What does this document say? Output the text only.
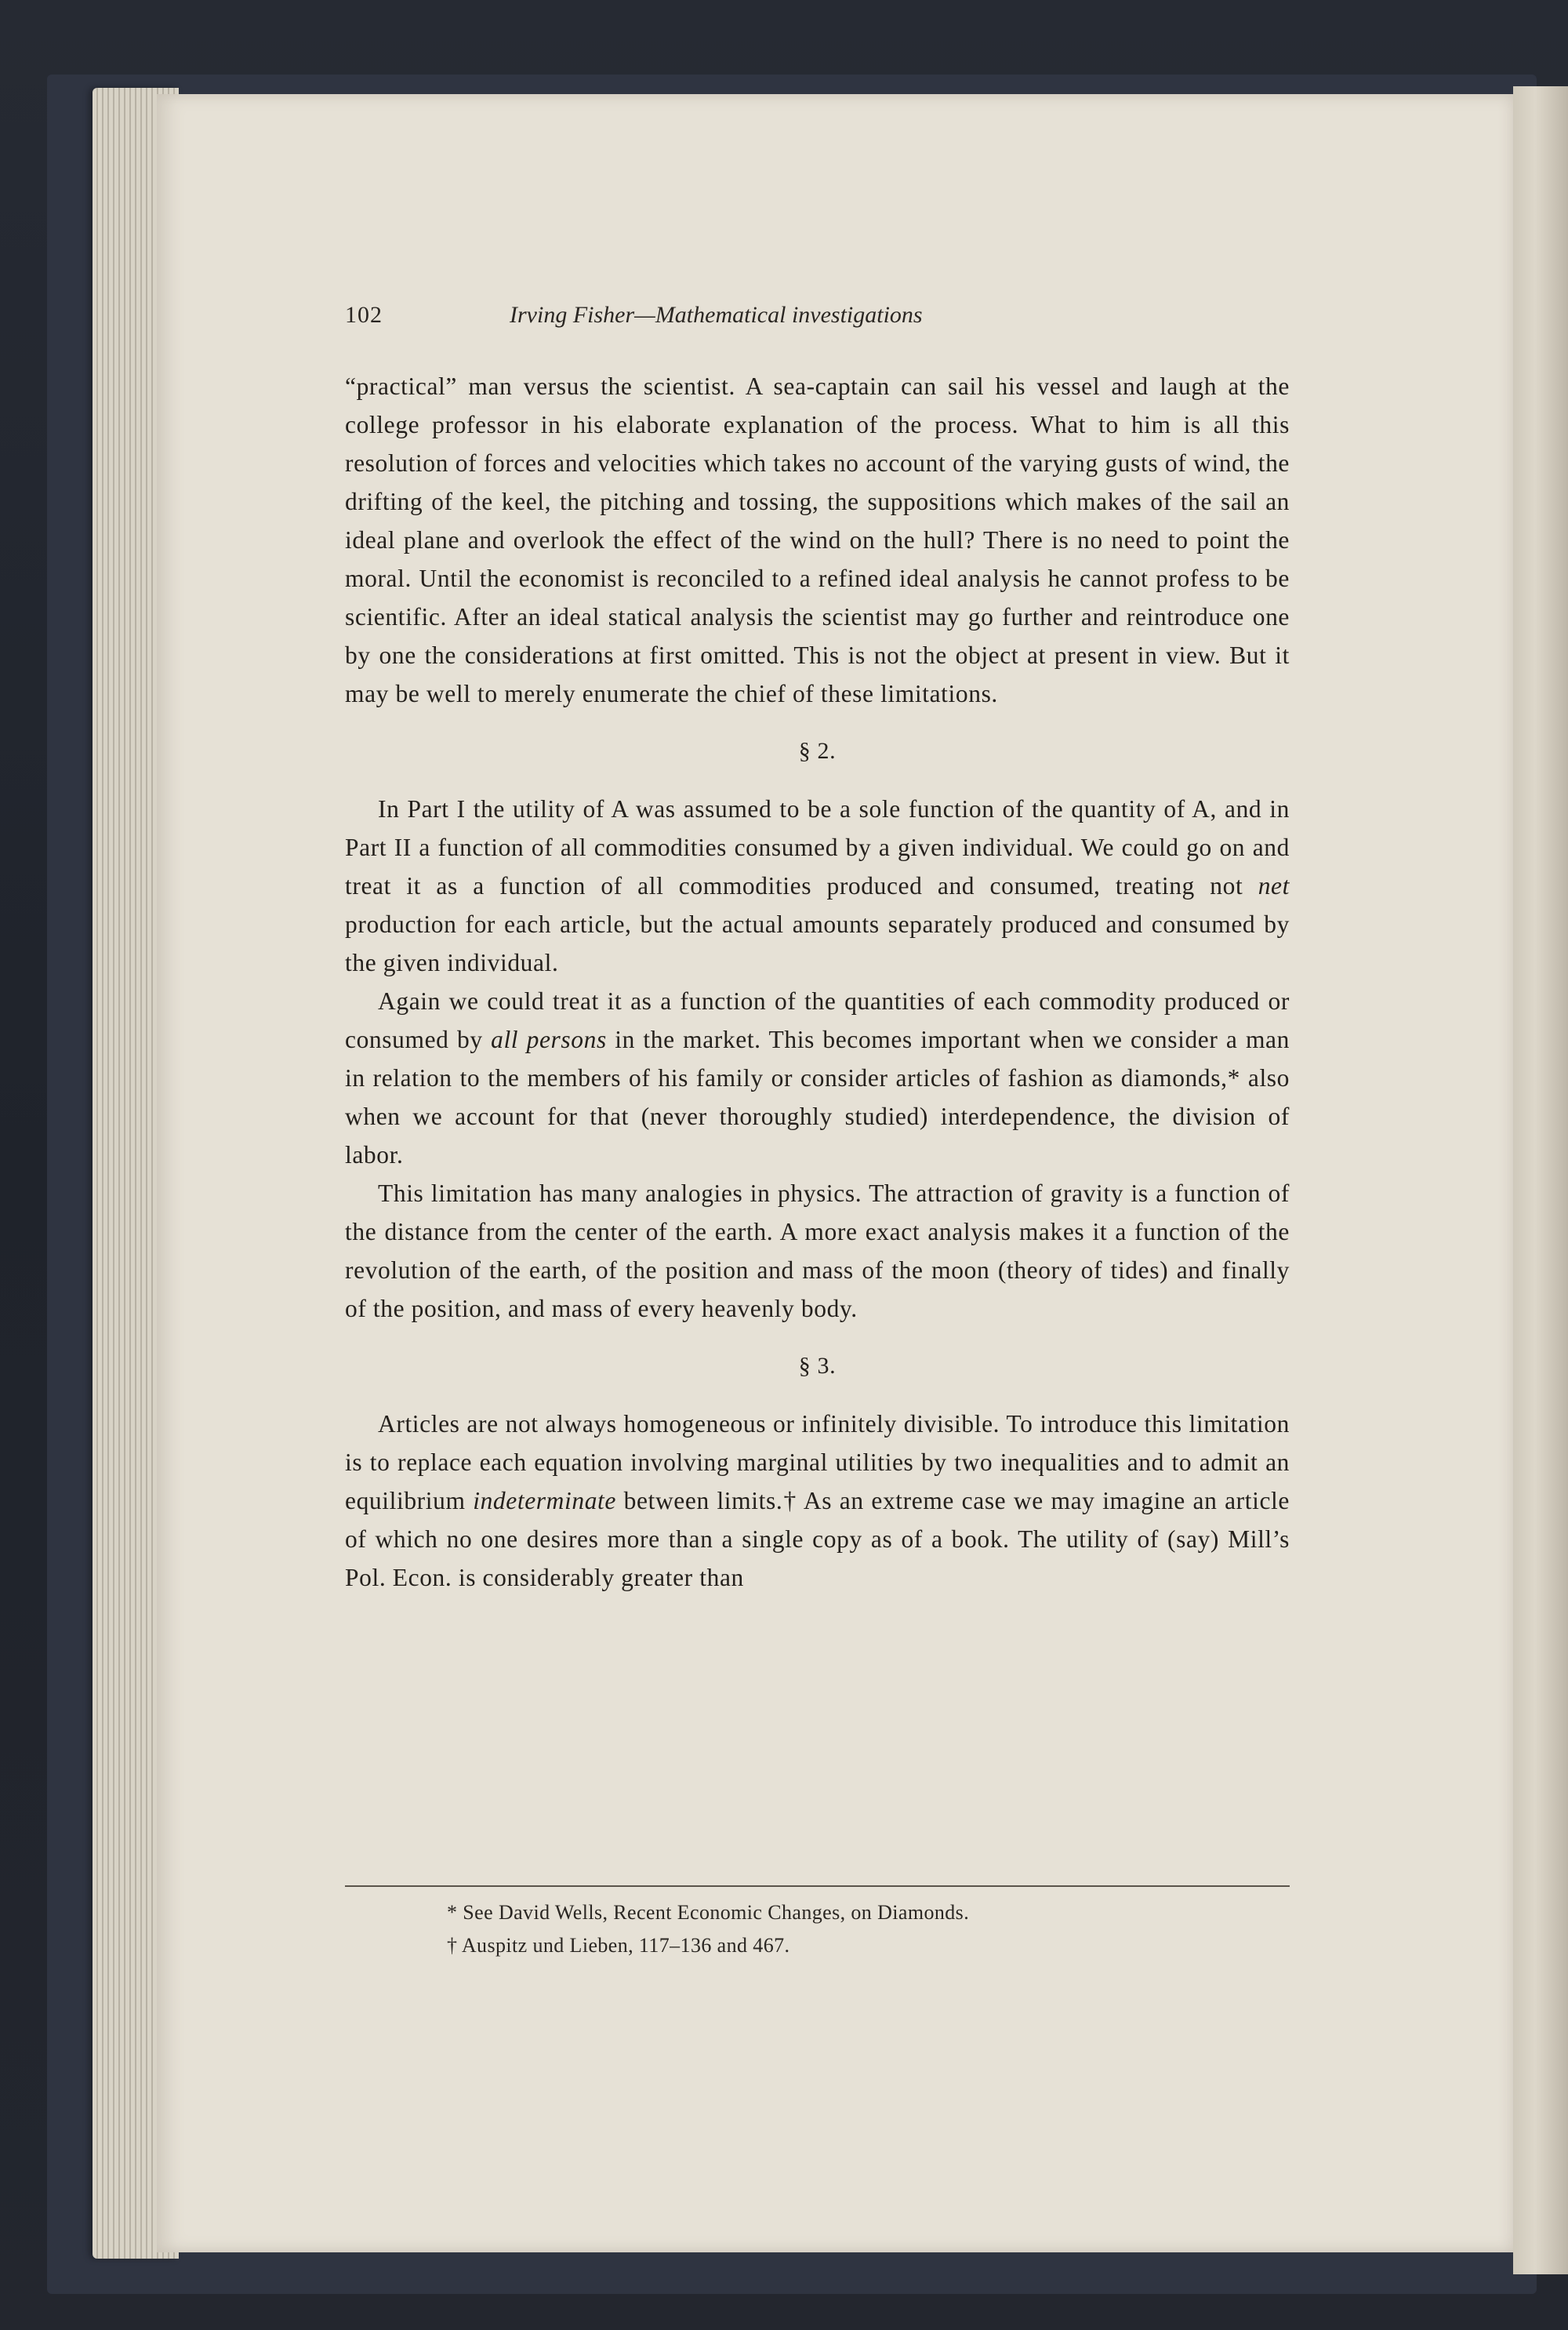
102	Irving Fisher—Mathematical investigations

“practical” man versus the scientist. A sea-captain can sail his vessel and laugh at the college professor in his elaborate explanation of the process. What to him is all this resolution of forces and velocities which takes no account of the varying gusts of wind, the drifting of the keel, the pitching and tossing, the suppositions which makes of the sail an ideal plane and overlook the effect of the wind on the hull? There is no need to point the moral. Until the economist is reconciled to a refined ideal analysis he cannot profess to be scientific. After an ideal statical analysis the scientist may go further and reintroduce one by one the considerations at first omitted. This is not the object at present in view. But it may be well to merely enumerate the chief of these limitations.

§ 2.

In Part I the utility of A was assumed to be a sole function of the quantity of A, and in Part II a function of all commodities consumed by a given individual. We could go on and treat it as a function of all commodities produced and consumed, treating not net production for each article, but the actual amounts separately produced and consumed by the given individual.

Again we could treat it as a function of the quantities of each commodity produced or consumed by all persons in the market. This becomes important when we consider a man in relation to the members of his family or consider articles of fashion as diamonds,* also when we account for that (never thoroughly studied) interdependence, the division of labor.

This limitation has many analogies in physics. The attraction of gravity is a function of the distance from the center of the earth. A more exact analysis makes it a function of the revolution of the earth, of the position and mass of the moon (theory of tides) and finally of the position, and mass of every heavenly body.

§ 3.

Articles are not always homogeneous or infinitely divisible. To introduce this limitation is to replace each equation involving marginal utilities by two inequalities and to admit an equilibrium indeterminate between limits.† As an extreme case we may imagine an article of which no one desires more than a single copy as of a book. The utility of (say) Mill’s Pol. Econ. is considerably greater than

* See David Wells, Recent Economic Changes, on Diamonds.

† Auspitz und Lieben, 117–136 and 467.
